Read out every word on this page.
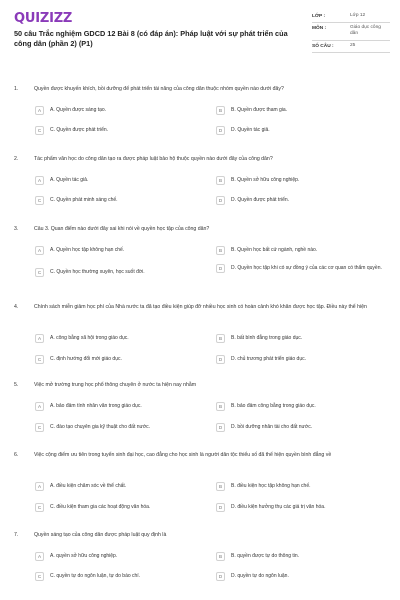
QUIZIZZ
50 câu Trắc nghiệm GDCD 12 Bài 8 (có đáp án): Pháp luật với sự phát triển của công dân (phần 2) (P1)
LỚP :	Lớp 12
MÔN :	Giáo dục công dân
SỐ CÂU :	25
1.	Quyền được khuyến khích, bồi dưỡng để phát triển tài năng của công dân thuộc nhóm quyền nào dưới đây?
A	A. Quyền được sáng tạo.	B	B. Quyền được tham gia.
C	C. Quyền được phát triển.	D	D. Quyền tác giả.
2.	Tác phẩm văn học do công dân tạo ra được pháp luật bảo hộ thuộc quyền nào dưới đây của công dân?
A	A. Quyền tác giả.	B	B. Quyền sở hữu công nghiệp.
C	C. Quyền phát minh sáng chế.	D	D. Quyền được phát triển.
3.	Câu 3. Quan điểm nào dưới đây sai khi nói về quyền học tập của công dân?
A	A. Quyền học tập không hạn chế.	B	B. Quyền học bất cứ ngành, nghề nào.
C	C. Quyền học thường xuyên, học suốt đời.
D	D. Quyền học tập khi có sự đồng ý của các cơ quan có thẩm quyền.
4.	Chính sách miễn giảm học phí của Nhà nước ta đã tạo điều kiện giúp đỡ nhiều học sinh có hoàn cảnh khó khăn được học tập. Điều này thể hiện
A	A. công bằng xã hội trong giáo dục.	B	B. bất bình đẳng trong giáo dục.
C	C. định hướng đổi mới giáo dục.	D	D. chủ trương phát triển giáo dục.
5.	Việc mở trường trung học phổ thông chuyên ở nước ta hiện nay nhằm
A	A. bảo đảm tính nhân văn trong giáo dục.	B	B. bảo đảm công bằng trong giáo dục.
C	C. đào tạo chuyên gia kỹ thuật cho đất nước.	D	D. bồi dưỡng nhân tài cho đất nước.
6.	Việc cộng điểm ưu tiên trong tuyển sinh đại học, cao đẳng cho học sinh là người dân tộc thiểu số đã thể hiện quyền bình đẳng về
A	A. điều kiện chăm sóc về thể chất.	B	B. điều kiện học tập không hạn chế.
C	C. điều kiện tham gia các hoạt động văn hóa.	D	D. điều kiện hưởng thụ các giá trị văn hóa.
7.	Quyền sáng tạo của công dân được pháp luật quy định là
A	A. quyền sở hữu công nghiệp.	B	B. quyền được tự do thông tin.
C	C. quyền tự do ngôn luận, tự do báo chí.	D	D. quyền tự do ngôn luận.
